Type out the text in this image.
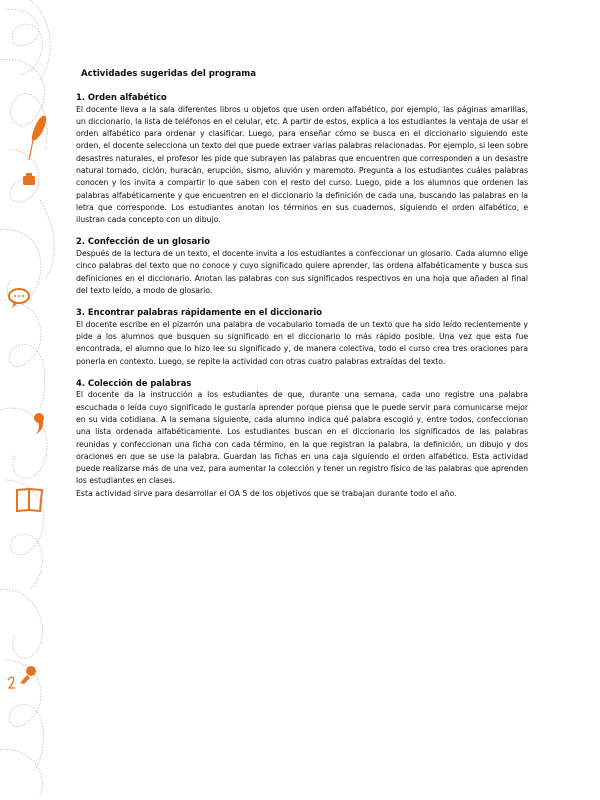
Actividades sugeridas del programa
1. Orden alfabético

El docente lleva a la sala diferentes libros u objetos que usen orden alfabético, por ejemplo, las páginas amarillas, un diccionario, la lista de teléfonos en el celular, etc. A partir de estos, explica a los estudiantes la ventaja de usar el orden alfabético para ordenar y clasificar. Luego, para enseñar cómo se busca en el diccionario siguiendo este orden, el docente selecciona un texto del que puede extraer varias palabras relacionadas. Por ejemplo, si leen sobre desastres naturales, el profesor les pide que subrayen las palabras que encuentren que corresponden a un desastre natural tornado, ciclón, huracán, erupción, sismo, aluvión y maremoto. Pregunta a los estudiantes cuáles palabras conocen y los invita a compartir lo que saben con el resto del curso. Luego, pide a los alumnos que ordenen las palabras alfabéticamente y que encuentren en el diccionario la definición de cada una, buscando las palabras en la letra que corresponde. Los estudiantes anotan los términos en sus cuadernos, siguiendo el orden alfabético, e ilustran cada concepto con un dibujo.

2. Confección de un glosario

Después de la lectura de un texto, el docente invita a los estudiantes a confeccionar un glosario. Cada alumno elige cinco palabras del texto que no conoce y cuyo significado quiere aprender, las ordena alfabéticamente y busca sus definiciones en el diccionario. Anotan las palabras con sus significados respectivos en una hoja que añaden al final del texto leído, a modo de glosario.

3. Encontrar palabras rápidamente en el diccionario

El docente escribe en el pizarrón una palabra de vocabulario tomada de un texto que ha sido leído recientemente y pide a los alumnos que busquen su significado en el diccionario lo más rápido posible. Una vez que esta fue encontrada, el alumno que lo hizo lee su significado y, de manera colectiva, todo el curso crea tres oraciones para ponerla en contexto. Luego, se repite la actividad con otras cuatro palabras extraídas del texto.

4. Colección de palabras

El docente da la instrucción a los estudiantes de que, durante una semana, cada uno registre una palabra escuchada o leída cuyo significado le gustaría aprender porque piensa que le puede servir para comunicarse mejor en su vida cotidiana. A la semana siguiente, cada alumno indica qué palabra escogió y, entre todos, confeccionan una lista ordenada alfabéticamente. Los estudiantes buscan en el diccionario los significados de las palabras reunidas y confeccionan una ficha con cada término, en la que registran la palabra, la definición, un dibujo y dos oraciones en que se use la palabra. Guardan las fichas en una caja siguiendo el orden alfabético. Esta actividad puede realizarse más de una vez, para aumentar la colección y tener un registro físico de las palabras que aprenden los estudiantes en clases.

Esta actividad sirve para desarrollar el OA 5 de los objetivos que se trabajan durante todo el año.
